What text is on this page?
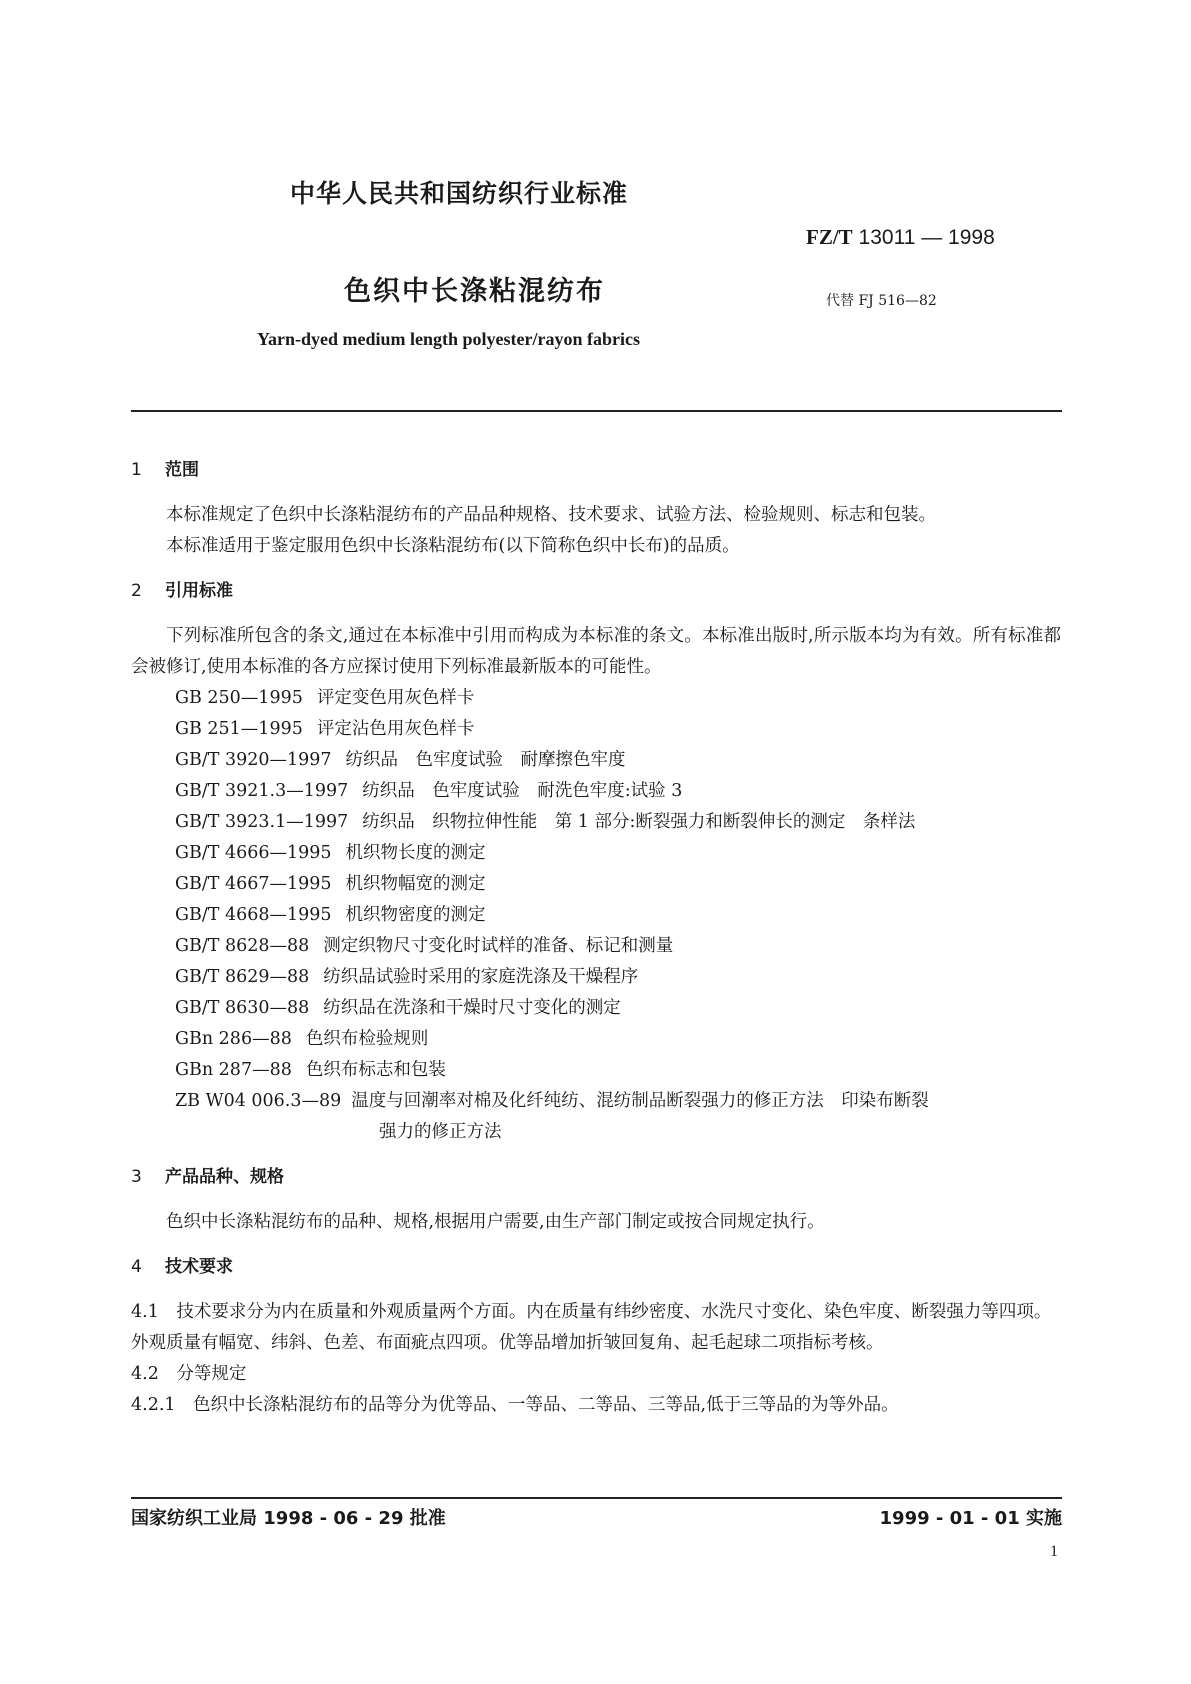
中华人民共和国纺织行业标准
FZ/T 13011 — 1998
色织中长涤粘混纺布	代替 FJ 516—82
Yarn-dyed medium length polyester/rayon fabrics
1 范围

本标准规定了色织中长涤粘混纺布的产品品种规格、技术要求、试验方法、检验规则、标志和包装。

本标准适用于鉴定服用色织中长涤粘混纺布(以下简称色织中长布)的品质。

2 引用标准

下列标准所包含的条文,通过在本标准中引用而构成为本标准的条文。本标准出版时,所示版本均为有效。所有标准都会被修订,使用本标准的各方应探讨使用下列标准最新版本的可能性。

GB 250—1995 评定变色用灰色样卡
GB 251—1995 评定沾色用灰色样卡
GB/T 3920—1997 纺织品　色牢度试验　耐摩擦色牢度
GB/T 3921.3—1997 纺织品　色牢度试验　耐洗色牢度:试验 3
GB/T 3923.1—1997 纺织品　织物拉伸性能　第 1 部分:断裂强力和断裂伸长的测定　条样法
GB/T 4666—1995 机织物长度的测定
GB/T 4667—1995 机织物幅宽的测定
GB/T 4668—1995 机织物密度的测定
GB/T 8628—88 测定织物尺寸变化时试样的准备、标记和测量
GB/T 8629—88 纺织品试验时采用的家庭洗涤及干燥程序
GB/T 8630—88 纺织品在洗涤和干燥时尺寸变化的测定
GBn 286—88 色织布检验规则
GBn 287—88 色织布标志和包装
ZB W04 006.3—89 温度与回潮率对棉及化纤纯纺、混纺制品断裂强力的修正方法　印染布断裂
强力的修正方法
3 产品品种、规格

色织中长涤粘混纺布的品种、规格,根据用户需要,由生产部门制定或按合同规定执行。

4 技术要求

4.1　技术要求分为内在质量和外观质量两个方面。内在质量有纬纱密度、水洗尺寸变化、染色牢度、断裂强力等四项。外观质量有幅宽、纬斜、色差、布面疵点四项。优等品增加折皱回复角、起毛起球二项指标考核。

4.2　分等规定

4.2.1　色织中长涤粘混纺布的品等分为优等品、一等品、二等品、三等品,低于三等品的为等外品。

国家纺织工业局 1998 - 06 - 29 批准	1999 - 01 - 01 实施
1
